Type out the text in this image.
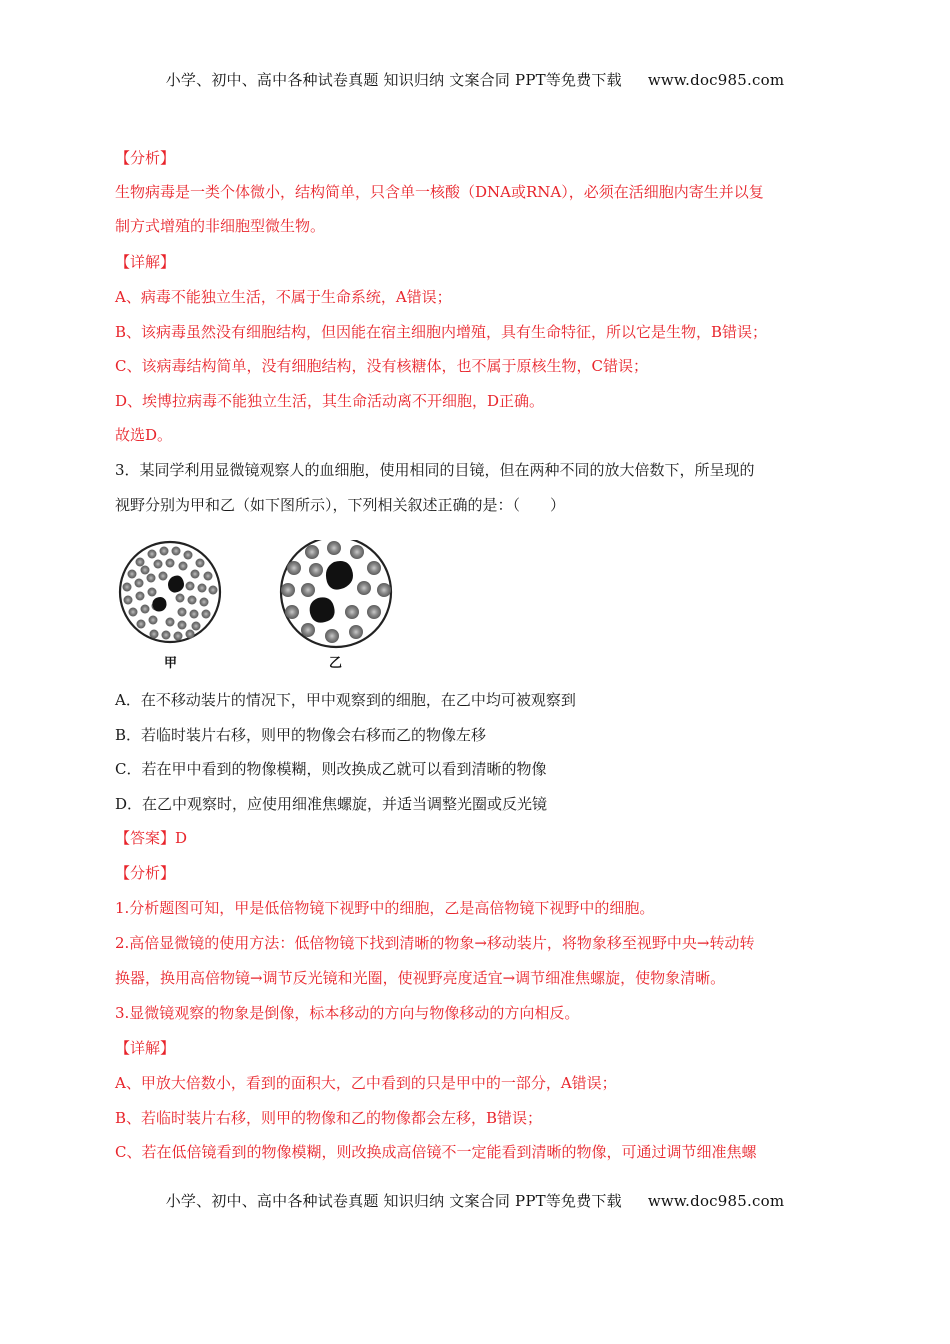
小学、初中、高中各种试卷真题 知识归纳 文案合同 PPT等免费下载 www.doc985.com
【分析】
生物病毒是一类个体微小，结构简单，只含单一核酸（DNA或RNA），必须在活细胞内寄生并以复
制方式增殖的非细胞型微生物。
【详解】
A、病毒不能独立生活，不属于生命系统，A错误；
B、该病毒虽然没有细胞结构，但因能在宿主细胞内增殖，具有生命特征，所以它是生物，B错误；
C、该病毒结构简单，没有细胞结构，没有核糖体，也不属于原核生物，C错误；
D、埃博拉病毒不能独立生活，其生命活动离不开细胞，D正确。
故选D。
3．某同学利用显微镜观察人的血细胞，使用相同的目镜，但在两种不同的放大倍数下，所呈现的
视野分别为甲和乙（如下图所示），下列相关叙述正确的是：（　　）
甲	乙
A．在不移动装片的情况下，甲中观察到的细胞，在乙中均可被观察到
B．若临时装片右移，则甲的物像会右移而乙的物像左移
C．若在甲中看到的物像模糊，则改换成乙就可以看到清晰的物像
D．在乙中观察时，应使用细准焦螺旋，并适当调整光圈或反光镜
【答案】D
【分析】
1.分析题图可知，甲是低倍物镜下视野中的细胞，乙是高倍物镜下视野中的细胞。
2.高倍显微镜的使用方法：低倍物镜下找到清晰的物象→移动装片，将物象移至视野中央→转动转
换器，换用高倍物镜→调节反光镜和光圈，使视野亮度适宜→调节细准焦螺旋，使物象清晰。
3.显微镜观察的物象是倒像，标本移动的方向与物像移动的方向相反。
【详解】
A、甲放大倍数小，看到的面积大，乙中看到的只是甲中的一部分，A错误；
B、若临时装片右移，则甲的物像和乙的物像都会左移，B错误；
C、若在低倍镜看到的物像模糊，则改换成高倍镜不一定能看到清晰的物像，可通过调节细准焦螺
小学、初中、高中各种试卷真题 知识归纳 文案合同 PPT等免费下载 www.doc985.com
